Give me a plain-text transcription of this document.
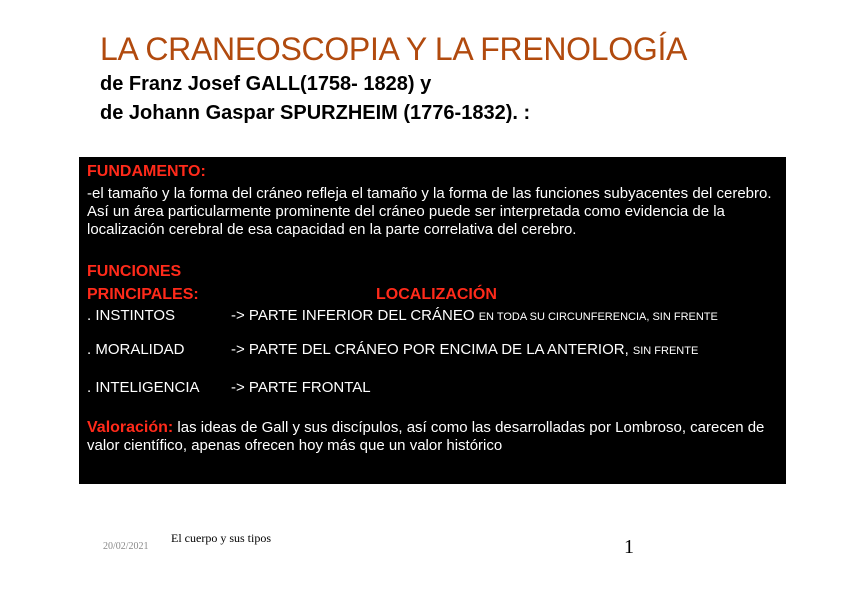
LA CRANEOSCOPIA Y LA FRENOLOGÍA
de Franz Josef GALL(1758- 1828) y
de Johann Gaspar SPURZHEIM (1776-1832). :
FUNDAMENTO:
-el tamaño y la forma del cráneo refleja el tamaño y la forma de las funciones subyacentes del cerebro. Así un área particularmente prominente del cráneo puede ser interpretada como evidencia de la localización cerebral de esa capacidad en la parte correlativa del cerebro.
FUNCIONES
PRINCIPALES:	LOCALIZACIÓN
. INSTINTOS	-> PARTE INFERIOR DEL CRÁNEO EN TODA SU CIRCUNFERENCIA, SIN FRENTE
. MORALIDAD	-> PARTE DEL CRÁNEO POR ENCIMA DE LA ANTERIOR, SIN FRENTE
. INTELIGENCIA -> PARTE FRONTAL
Valoración: las ideas de Gall y sus discípulos, así como las desarrolladas por Lombroso, carecen de valor científico, apenas ofrecen hoy más que un valor histórico
20/02/2021
El cuerpo y sus tipos	1
